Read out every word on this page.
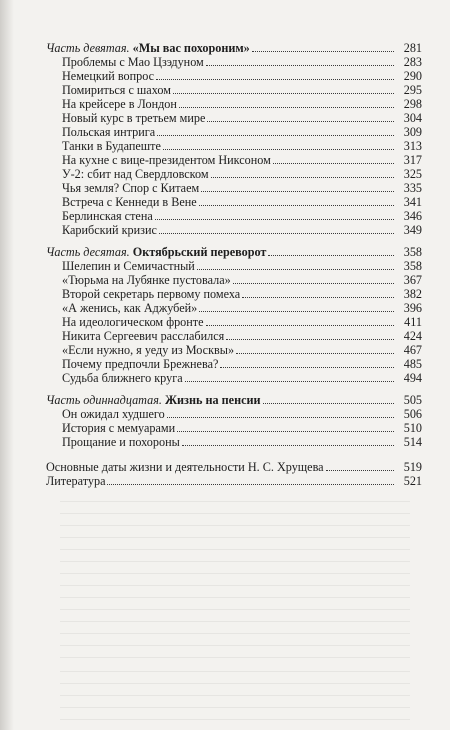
Часть девятая. «Мы вас похороним»	281
Проблемы с Мао Цзэдуном	283
Немецкий вопрос	290
Помириться с шахом	295
На крейсере в Лондон	298
Новый курс в третьем мире	304
Польская интрига	309
Танки в Будапеште	313
На кухне с вице-президентом Никсоном	317
У-2: сбит над Свердловском	325
Чья земля? Спор с Китаем	335
Встреча с Кеннеди в Вене	341
Берлинская стена	346
Карибский кризис	349
Часть десятая. Октябрьский переворот	358
Шелепин и Семичастный	358
«Тюрьма на Лубянке пустовала»	367
Второй секретарь первому помеха	382
«А женись, как Аджубей»	396
На идеологическом фронте	411
Никита Сергеевич расслабился	424
«Если нужно, я уеду из Москвы»	467
Почему предпочли Брежнева?	485
Судьба ближнего круга	494
Часть одиннадцатая. Жизнь на пенсии	505
Он ожидал худшего	506
История с мемуарами	510
Прощание и похороны	514
Основные даты жизни и деятельности Н. С. Хрущева	519
Литература	521
